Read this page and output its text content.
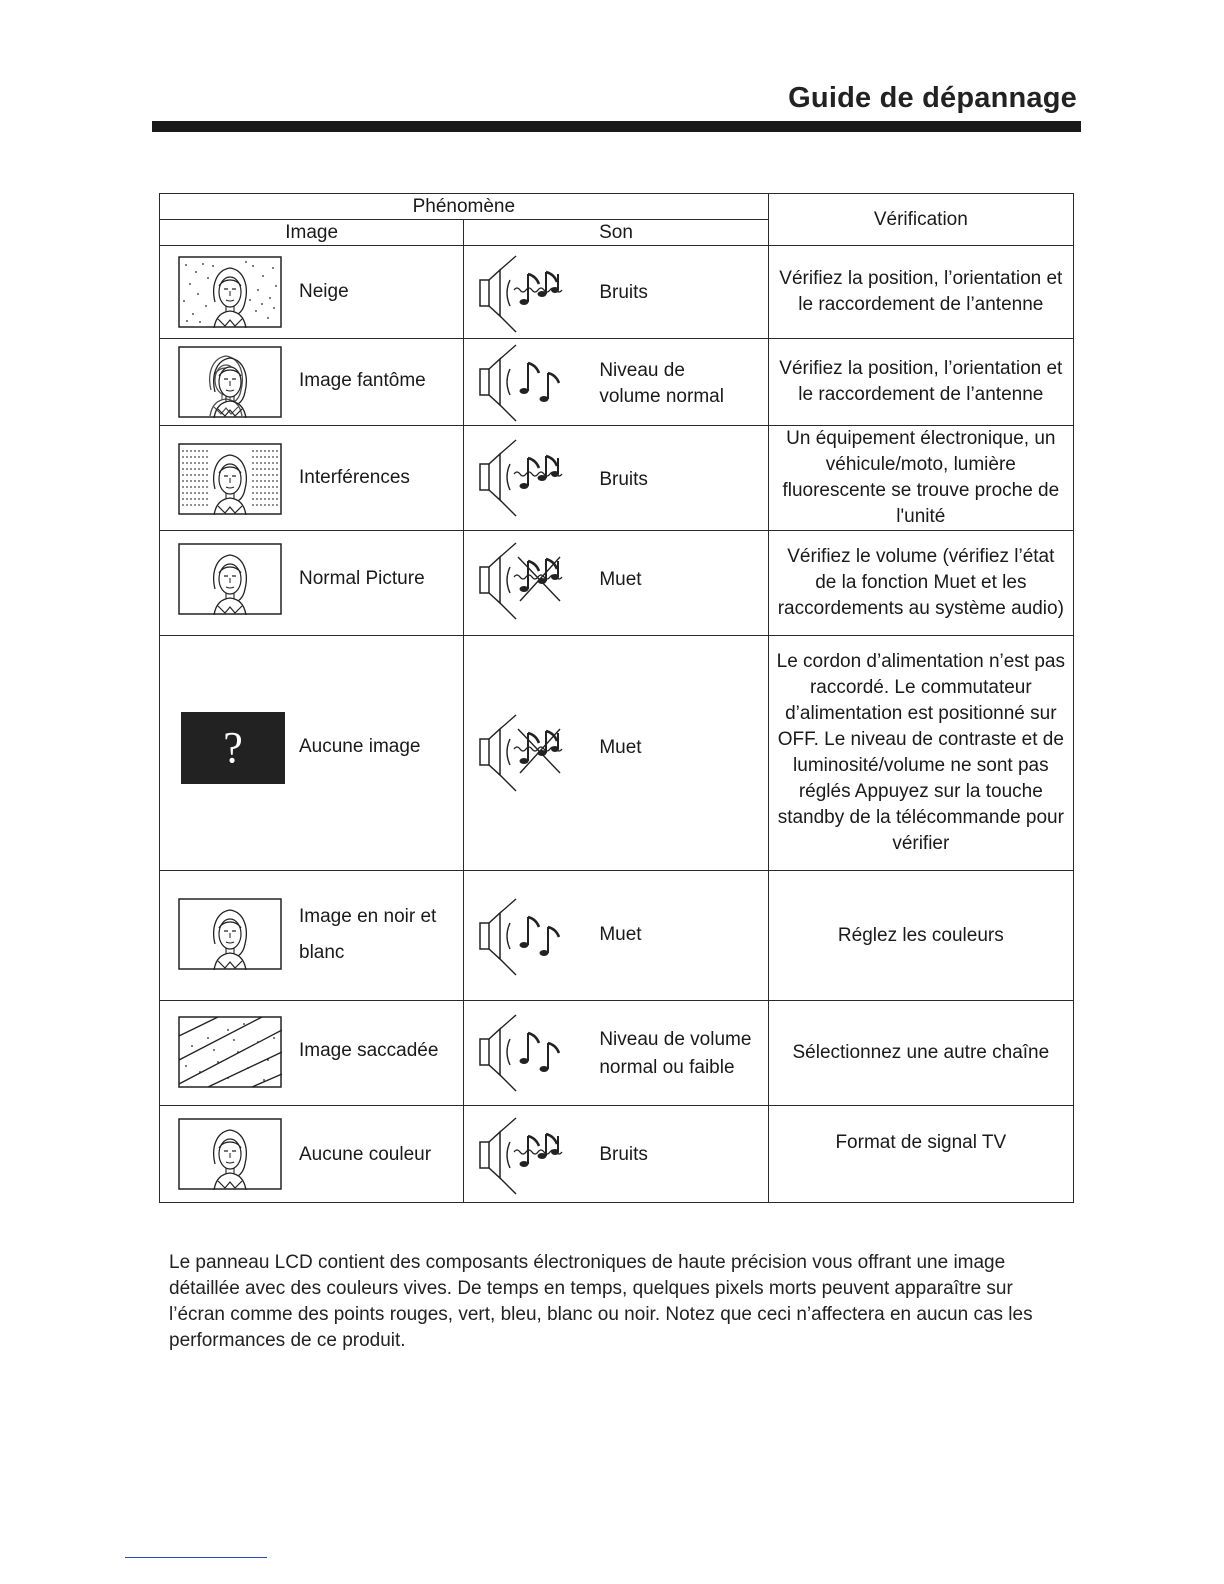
Guide de dépannage
Phénomène		Vérification
Image	Son	

Neige	Bruits	Vérifiez la position, l’orientation et le raccordement de l’antenne

Image fantôme	Niveau de volume normal	Vérifiez la position, l’orientation et le raccordement de l’antenne

Interférences	Bruits	Un équipement électronique, un véhicule/moto, lumière fluorescente se trouve proche de l'unité

Normal Picture	Muet	Vérifiez le volume (vérifiez l’état de la fonction Muet et les raccordements au système audio)

? Aucune image	Muet	Le cordon d’alimentation n’est pas raccordé. Le commutateur d’alimentation est positionné sur OFF. Le niveau de contraste et de luminosité/volume ne sont pas réglés Appuyez sur la touche standby de la télécommande pour vérifier

Image en noir et blanc	Muet	Réglez les couleurs

Image saccadée	Niveau de volume normal ou faible	Sélectionnez une autre chaîne

Aucune couleur	Bruits	Format de signal TV
Le panneau LCD contient des composants électroniques de haute précision vous offrant une image détaillée avec des couleurs vives. De temps en temps, quelques pixels morts peuvent apparaître sur l’écran comme des points rouges, vert, bleu, blanc ou noir. Notez que ceci n’affectera en aucun cas les performances de ce produit.
